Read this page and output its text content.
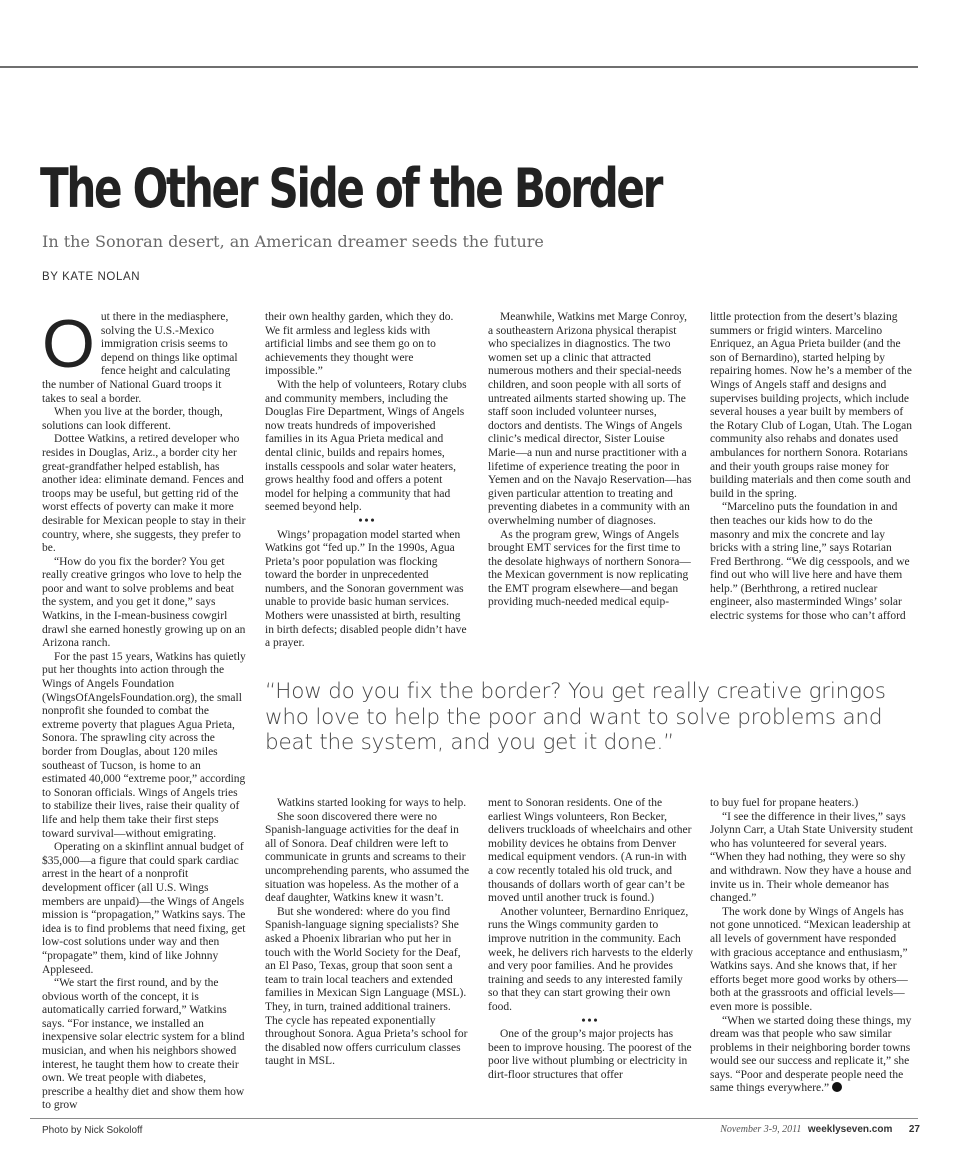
The Other Side of the Border
In the Sonoran desert, an American dreamer seeds the future
BY KATE NOLAN
O ut there in the mediasphere, solving the U.S.-Mexico immigration crisis seems to depend on things like optimal fence height and calculating the number of National Guard troops it takes to seal a border.

When you live at the border, though, solutions can look different.

Dottee Watkins, a retired developer who resides in Douglas, Ariz., a border city her great-grandfather helped establish, has another idea: eliminate demand. Fences and troops may be useful, but getting rid of the worst effects of poverty can make it more desirable for Mexican people to stay in their country, where, she suggests, they prefer to be.

“How do you fix the border? You get really creative gringos who love to help the poor and want to solve problems and beat the system, and you get it done,” says Watkins, in the I-mean-business cowgirl drawl she earned honestly growing up on an Arizona ranch.

For the past 15 years, Watkins has quietly put her thoughts into action through the Wings of Angels Foundation (WingsOfAngelsFoundation.org), the small nonprofit she founded to combat the extreme poverty that plagues Agua Prieta, Sonora. The sprawling city across the border from Douglas, about 120 miles southeast of Tucson, is home to an estimated 40,000 “extreme poor,” according to Sonoran officials. Wings of Angels tries to stabilize their lives, raise their quality of life and help them take their first steps toward survival—without emigrating.

Operating on a skinflint annual budget of $35,000—a figure that could spark cardiac arrest in the heart of a nonprofit development officer (all U.S. Wings members are unpaid)—the Wings of Angels mission is “propagation,” Watkins says. The idea is to find problems that need fixing, get low-cost solutions under way and then “propagate” them, kind of like Johnny Appleseed.

“We start the first round, and by the obvious worth of the concept, it is automatically carried forward,” Watkins says. “For instance, we installed an inexpensive solar electric system for a blind musician, and when his neighbors showed interest, he taught them how to create their own. We treat people with diabetes, prescribe a healthy diet and show them how to grow

their own healthy garden, which they do. We fit armless and legless kids with artificial limbs and see them go on to achievements they thought were impossible.”

With the help of volunteers, Rotary clubs and community members, including the Douglas Fire Department, Wings of Angels now treats hundreds of impoverished families in its Agua Prieta medical and dental clinic, builds and repairs homes, installs cesspools and solar water heaters, grows healthy food and offers a potent model for helping a community that had seemed beyond help.

•••

Wings’ propagation model started when Watkins got “fed up.” In the 1990s, Agua Prieta’s poor population was flocking toward the border in unprecedented numbers, and the Sonoran government was unable to provide basic human services. Mothers were unassisted at birth, resulting in birth defects; disabled people didn’t have a prayer.

Meanwhile, Watkins met Marge Conroy, a southeastern Arizona physical therapist who specializes in diagnostics. The two women set up a clinic that attracted numerous mothers and their special-needs children, and soon people with all sorts of untreated ailments started showing up. The staff soon included volunteer nurses, doctors and dentists. The Wings of Angels clinic’s medical director, Sister Louise Marie—a nun and nurse practitioner with a lifetime of experience treating the poor in Yemen and on the Navajo Reservation—has given particular attention to treating and preventing diabetes in a community with an overwhelming number of diagnoses.

As the program grew, Wings of Angels brought EMT services for the first time to the desolate highways of northern Sonora—the Mexican government is now replicating the EMT program elsewhere—and began providing much-needed medical equip-

little protection from the desert’s blazing summers or frigid winters. Marcelino Enriquez, an Agua Prieta builder (and the son of Bernardino), started helping by repairing homes. Now he’s a member of the Wings of Angels staff and designs and supervises building projects, which include several houses a year built by members of the Rotary Club of Logan, Utah. The Logan community also rehabs and donates used ambulances for northern Sonora. Rotarians and their youth groups raise money for building materials and then come south and build in the spring.

“Marcelino puts the foundation in and then teaches our kids how to do the masonry and mix the concrete and lay bricks with a string line,” says Rotarian Fred Berthrong. “We dig cesspools, and we find out who will live here and have them help.” (Berhthrong, a retired nuclear engineer, also masterminded Wings’ solar electric systems for those who can’t afford

“How do you fix the border? You get really creative gringos who love to help the poor and want to solve problems and beat the system, and you get it done.”

Watkins started looking for ways to help.

She soon discovered there were no Spanish-language activities for the deaf in all of Sonora. Deaf children were left to communicate in grunts and screams to their uncomprehending parents, who assumed the situation was hopeless. As the mother of a deaf daughter, Watkins knew it wasn’t.

But she wondered: where do you find Spanish-language signing specialists? She asked a Phoenix librarian who put her in touch with the World Society for the Deaf, an El Paso, Texas, group that soon sent a team to train local teachers and extended families in Mexican Sign Language (MSL). They, in turn, trained additional trainers. The cycle has repeated exponentially throughout Sonora. Agua Prieta’s school for the disabled now offers curriculum classes taught in MSL.

ment to Sonoran residents. One of the earliest Wings volunteers, Ron Becker, delivers truckloads of wheelchairs and other mobility devices he obtains from Denver medical equipment vendors. (A run-in with a cow recently totaled his old truck, and thousands of dollars worth of gear can’t be moved until another truck is found.)

Another volunteer, Bernardino Enriquez, runs the Wings community garden to improve nutrition in the community. Each week, he delivers rich harvests to the elderly and very poor families. And he provides training and seeds to any interested family so that they can start growing their own food.

•••

One of the group’s major projects has been to improve housing. The poorest of the poor live without plumbing or electricity in dirt-floor structures that offer

to buy fuel for propane heaters.)

“I see the difference in their lives,” says Jolynn Carr, a Utah State University student who has volunteered for several years. “When they had nothing, they were so shy and withdrawn. Now they have a house and invite us in. Their whole demeanor has changed.”

The work done by Wings of Angels has not gone unnoticed. “Mexican leadership at all levels of government have responded with gracious acceptance and enthusiasm,” Watkins says. And she knows that, if her efforts beget more good works by others—both at the grassroots and official levels—even more is possible.

“When we started doing these things, my dream was that people who saw similar problems in their neighboring border towns would see our success and replicate it,” she says. “Poor and desperate people need the same things everywhere.”

Photo by Nick Sokoloff	November 3-9, 2011 weeklyseven.com 27
